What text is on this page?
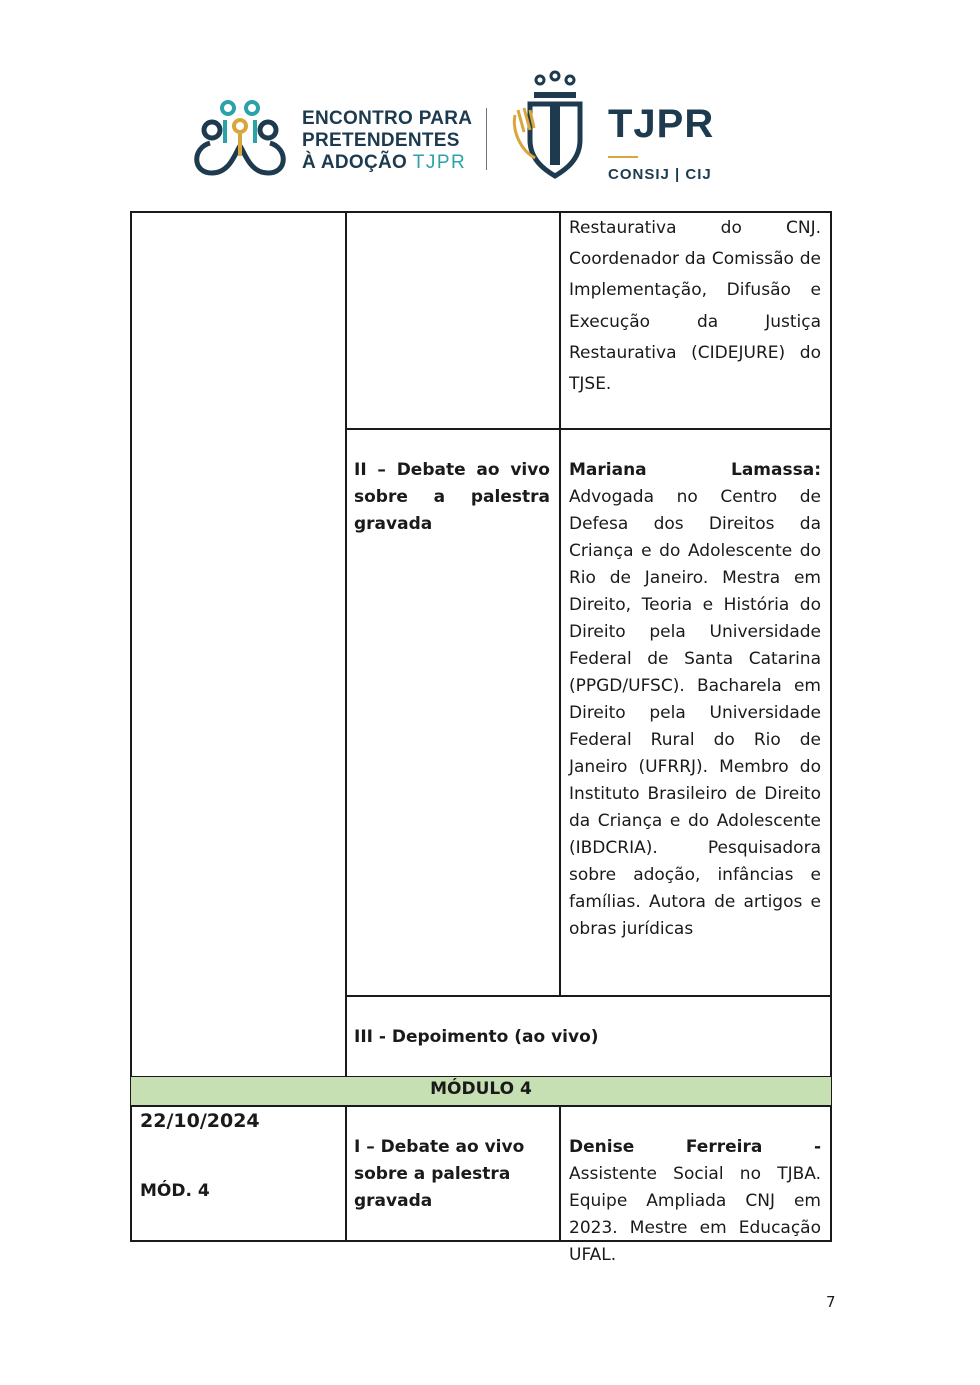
ENCONTRO PARA
PRETENDENTES
À ADOÇÃO TJPR
TJPR
CONSIJ | CIJ
Restaurativa do CNJ. Coordenador da Comissão de Implementação, Difusão e Execução da Justiça Restaurativa (CIDEJURE) do TJSE.
II – Debate ao vivo sobre a palestra gravada
Mariana Lamassa:
Advogada no Centro de Defesa dos Direitos da Criança e do Adolescente do Rio de Janeiro. Mestra em Direito, Teoria e História do Direito pela Universidade Federal de Santa Catarina (PPGD/UFSC). Bacharela em Direito pela Universidade Federal Rural do Rio de Janeiro (UFRRJ). Membro do Instituto Brasileiro de Direito da Criança e do Adolescente (IBDCRIA). Pesquisadora sobre adoção, infâncias e famílias. Autora de artigos e obras jurídicas
III - Depoimento (ao vivo)
MÓDULO 4
22/10/2024
MÓD. 4
I – Debate ao vivo sobre a palestra gravada
Denise Ferreira - Assistente Social no TJBA. Equipe Ampliada CNJ em 2023. Mestre em Educação UFAL.
7
